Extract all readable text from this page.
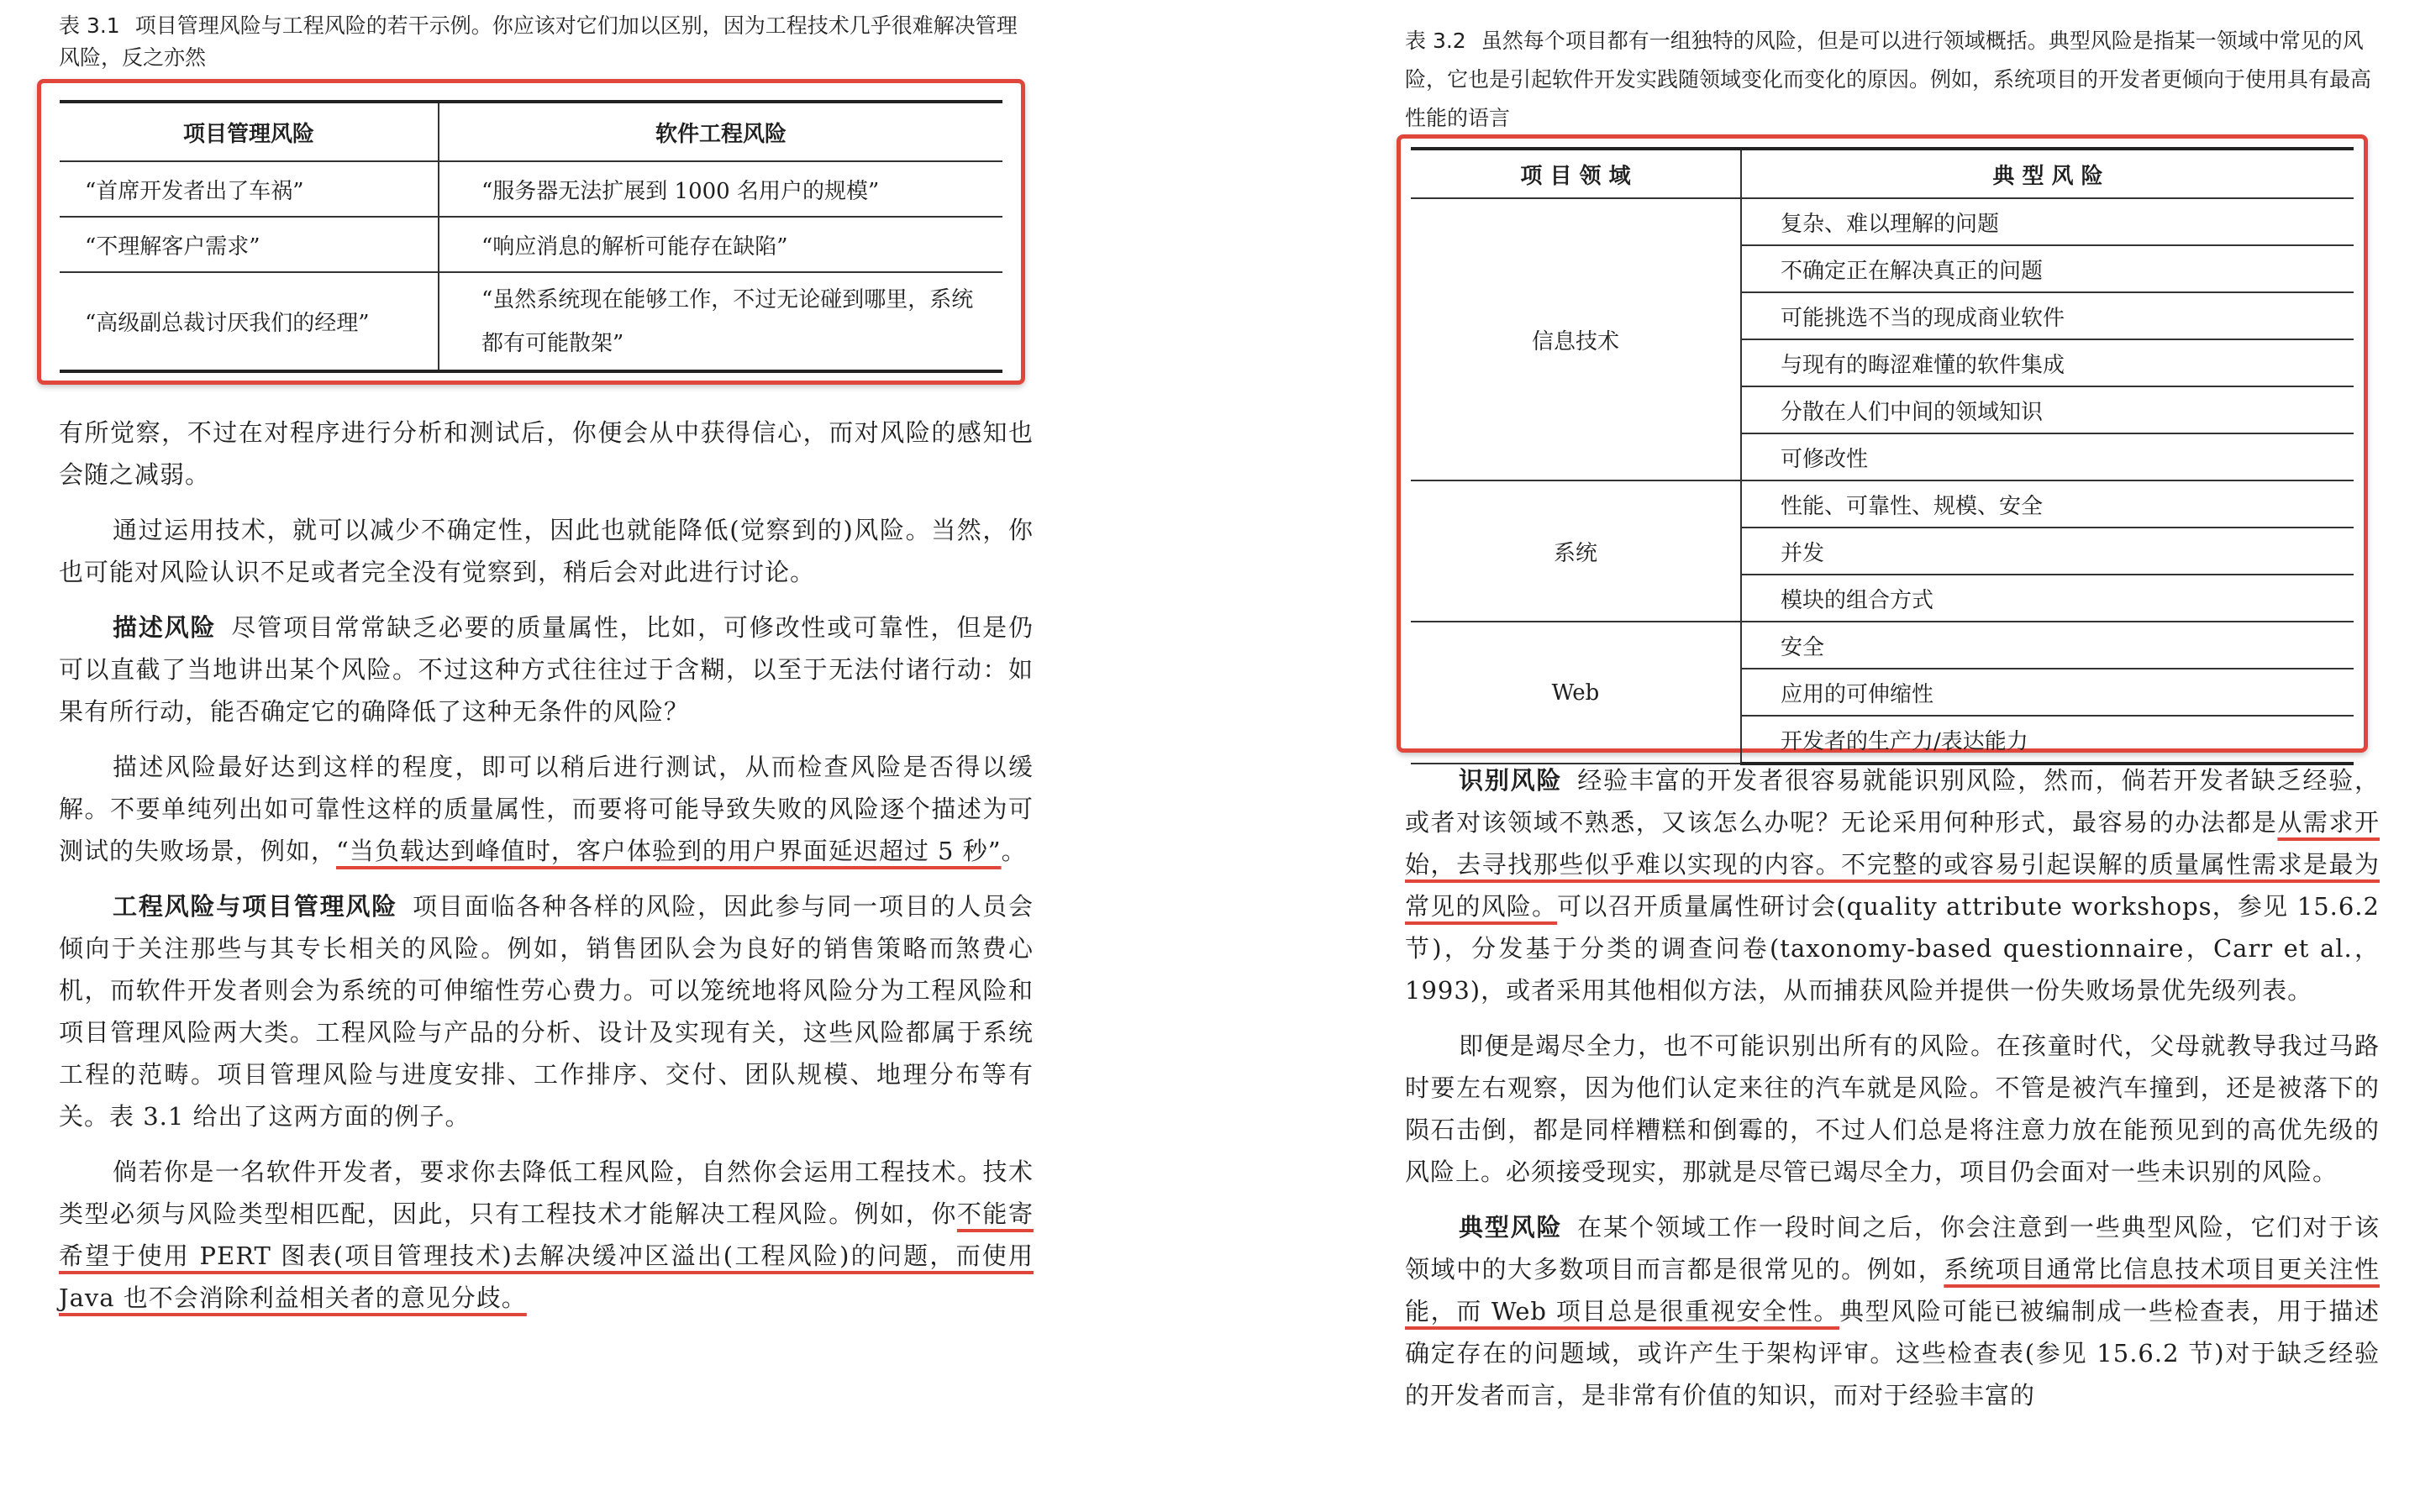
表 3.1 项目管理风险与工程风险的若干示例。你应该对它们加以区别，因为工程技术几乎很难解决管理风险，反之亦然

项目管理风险	软件工程风险
“首席开发者出了车祸”	“服务器无法扩展到 1000 名用户的规模”
“不理解客户需求”	“响应消息的解析可能存在缺陷”
“高级副总裁讨厌我们的经理”	“虽然系统现在能够工作，不过无论碰到哪里，系统都有可能散架”

有所觉察，不过在对程序进行分析和测试后，你便会从中获得信心，而对风险的感知也会随之减弱。

通过运用技术，就可以减少不确定性，因此也就能降低(觉察到的)风险。当然，你也可能对风险认识不足或者完全没有觉察到，稍后会对此进行讨论。

描述风险 尽管项目常常缺乏必要的质量属性，比如，可修改性或可靠性，但是仍可以直截了当地讲出某个风险。不过这种方式往往过于含糊，以至于无法付诸行动：如果有所行动，能否确定它的确降低了这种无条件的风险？

描述风险最好达到这样的程度，即可以稍后进行测试，从而检查风险是否得以缓解。不要单纯列出如可靠性这样的质量属性，而要将可能导致失败的风险逐个描述为可测试的失败场景，例如，“当负载达到峰值时，客户体验到的用户界面延迟超过 5 秒”。

工程风险与项目管理风险 项目面临各种各样的风险，因此参与同一项目的人员会倾向于关注那些与其专长相关的风险。例如，销售团队会为良好的销售策略而煞费心机，而软件开发者则会为系统的可伸缩性劳心费力。可以笼统地将风险分为工程风险和项目管理风险两大类。工程风险与产品的分析、设计及实现有关，这些风险都属于系统工程的范畴。项目管理风险与进度安排、工作排序、交付、团队规模、地理分布等有关。表 3.1 给出了这两方面的例子。

倘若你是一名软件开发者，要求你去降低工程风险，自然你会运用工程技术。技术类型必须与风险类型相匹配，因此，只有工程技术才能解决工程风险。例如，你不能寄希望于使用 PERT 图表(项目管理技术)去解决缓冲区溢出(工程风险)的问题，而使用 Java 也不会消除利益相关者的意见分歧。

表 3.2 虽然每个项目都有一组独特的风险，但是可以进行领域概括。典型风险是指某一领域中常见的风险，它也是引起软件开发实践随领域变化而变化的原因。例如，系统项目的开发者更倾向于使用具有最高性能的语言

项 目 领 域	典 型 风 险
信息技术	复杂、难以理解的问题
	不确定正在解决真正的问题
	可能挑选不当的现成商业软件
	与现有的晦涩难懂的软件集成
	分散在人们中间的领域知识
	可修改性
系统	性能、可靠性、规模、安全
	并发
	模块的组合方式
Web	安全
	应用的可伸缩性
	开发者的生产力/表达能力

识别风险 经验丰富的开发者很容易就能识别风险，然而，倘若开发者缺乏经验，或者对该领域不熟悉，又该怎么办呢？无论采用何种形式，最容易的办法都是从需求开始，去寻找那些似乎难以实现的内容。不完整的或容易引起误解的质量属性需求是最为常见的风险。可以召开质量属性研讨会(quality attribute workshops，参见 15.6.2 节)，分发基于分类的调查问卷(taxonomy-based questionnaire，Carr et al.，1993)，或者采用其他相似方法，从而捕获风险并提供一份失败场景优先级列表。

即便是竭尽全力，也不可能识别出所有的风险。在孩童时代，父母就教导我过马路时要左右观察，因为他们认定来往的汽车就是风险。不管是被汽车撞到，还是被落下的陨石击倒，都是同样糟糕和倒霉的，不过人们总是将注意力放在能预见到的高优先级的风险上。必须接受现实，那就是尽管已竭尽全力，项目仍会面对一些未识别的风险。

典型风险 在某个领域工作一段时间之后，你会注意到一些典型风险，它们对于该领域中的大多数项目而言都是很常见的。例如，系统项目通常比信息技术项目更关注性能，而 Web 项目总是很重视安全性。典型风险可能已被编制成一些检查表，用于描述确定存在的问题域，或许产生于架构评审。这些检查表(参见 15.6.2 节)对于缺乏经验的开发者而言，是非常有价值的知识，而对于经验丰富的
